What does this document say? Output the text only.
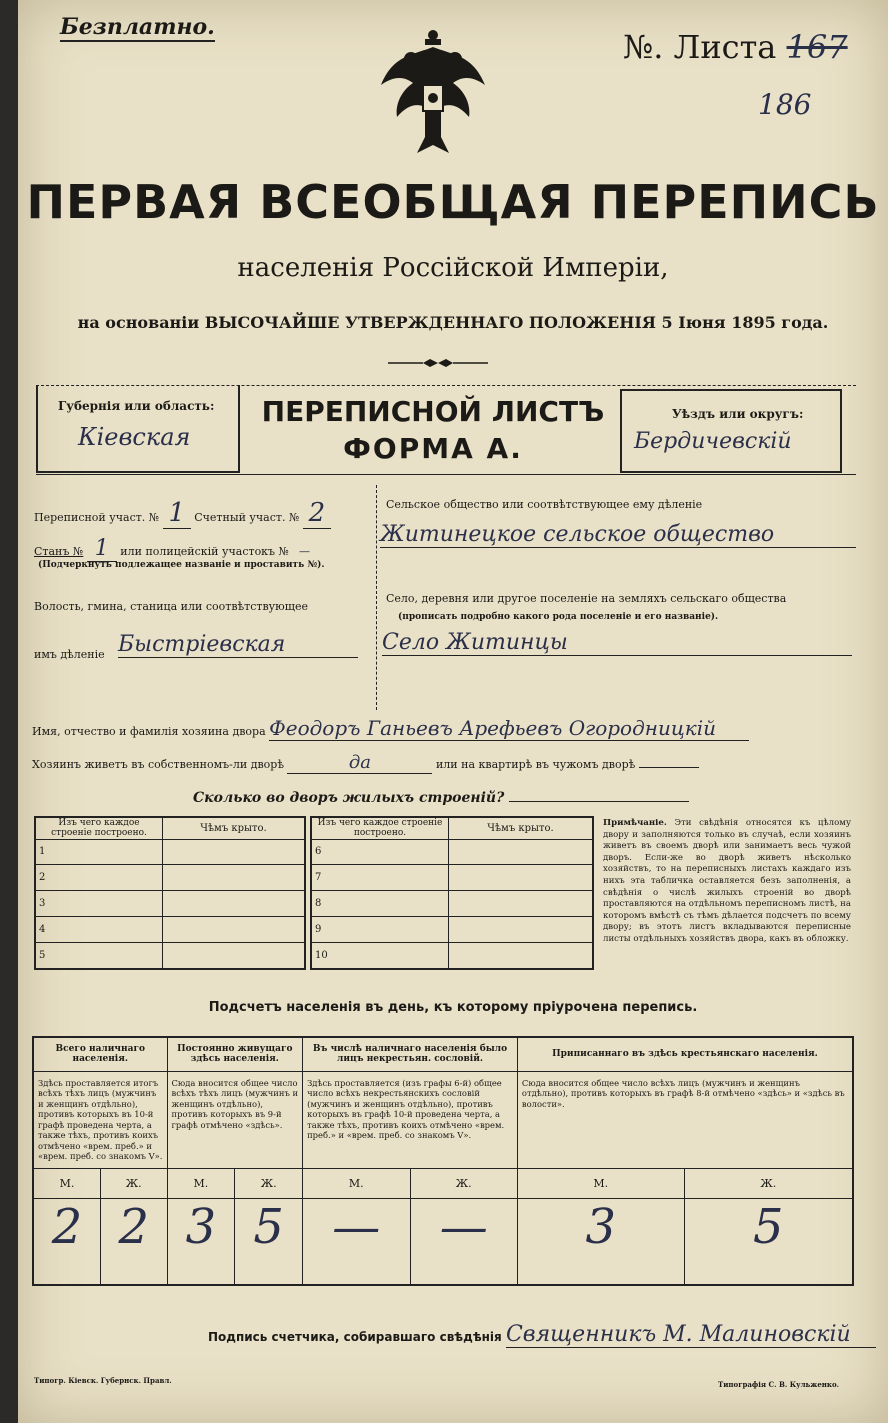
Безплатно.
№. Листа 167
186
ПЕРВАЯ ВСЕОБЩАЯ ПЕРЕПИСЬ
населенія Россійской Имперіи,
на основаніи ВЫСОЧАЙШЕ УТВЕРЖДЕННАГО ПОЛОЖЕНІЯ 5 Іюня 1895 года.
Губернія или область:
Кіевская
ПЕРЕПИСНОЙ ЛИСТЪ
ФОРМА А.
Уѣздъ или округъ:
Бердичевскій
Переписной участ. № 1 Счетный участ. № 2
Станъ № 1 или полицейскій участокъ № —
(Подчеркнуть подлежащее названіе и проставить №).
Волость, гмина, станица или соотвѣтствующее
имъ дѣленіе Быстріевская
Сельское общество или соотвѣтствующее ему дѣленіе
Житинецкое сельское общество
Село, деревня или другое поселеніе на земляхъ сельскаго общества
(прописать подробно какого рода поселеніе и его названіе).
Село Житинцы
Имя, отчество и фамилія хозяина двора Феодоръ Ганьевъ Арефьевъ Огородницкій
Хозяинъ живетъ въ собственномъ-ли дворѣ	да	или на квартирѣ въ чужомъ дворѣ
Сколько во дворъ жилыхъ строеній?
Изъ чего каждое строеніе построено.	Чѣмъ крыто.
1	
2	
3	
4	
5	
Изъ чего каждое строеніе построено.	Чѣмъ крыто.
6	
7	
8	
9	
10	
Примѣчаніе. Эти свѣдѣнія относятся къ цѣлому двору и заполняются только въ случаѣ, если хозяинъ живетъ въ своемъ дворѣ или занимаетъ весь чужой дворъ. Если-же во дворѣ живетъ нѣсколько хозяйствъ, то на переписныхъ листахъ каждаго изъ нихъ эта табличка оставляется безъ заполненія, а свѣдѣнія о числѣ жилыхъ строеній во дворѣ проставляются на отдѣльномъ переписномъ листѣ, на которомъ вмѣстѣ съ тѣмъ дѣлается подсчетъ по всему двору; въ этотъ листъ вкладываются переписные листы отдѣльныхъ хозяйствъ двора, какъ въ обложку.
Подсчетъ населенія въ день, къ которому пріурочена перепись.
Всего наличнаго населенія.		Постоянно живущаго здѣсь населенія.		Въ числѣ наличнаго населенія было лицъ некрестьян. сословій.		Приписаннаго въ здѣсь крестьянскаго населенія.	
Здѣсь проставляется итогъ всѣхъ тѣхъ лицъ (мужчинъ и женщинъ отдѣльно), противъ которыхъ въ 10-й графѣ проведена черта, а также тѣхъ, противъ коихъ отмѣчено «врем. преб.» и «врем. преб. со знакомъ V».		Сюда вносится общее число всѣхъ тѣхъ лицъ (мужчинъ и женщинъ отдѣльно), противъ которыхъ въ 9-й графѣ отмѣчено «здѣсь».		Здѣсь проставляется (изъ графы 6-й) общее число всѣхъ некрестьянскихъ сословій (мужчинъ и женщинъ отдѣльно), противъ которыхъ въ графѣ 10-й проведена черта, а также тѣхъ, противъ коихъ отмѣчено «врем. преб.» и «врем. преб. со знакомъ V».		Сюда вносится общее число всѣхъ лицъ (мужчинъ и женщинъ отдѣльно), противъ которыхъ въ графѣ 8-й отмѣчено «здѣсь» и «здѣсь въ волости».	
М.	Ж.	М.	Ж.	М.	Ж.	М.	Ж.
2	2	3	5	—	—	3	5
Подпись счетчика, собиравшаго свѣдѣнія Священникъ М. Малиновскій
Типогр. Кіевск. Губернск. Правл.	Типографія С. В. Кульженко.
